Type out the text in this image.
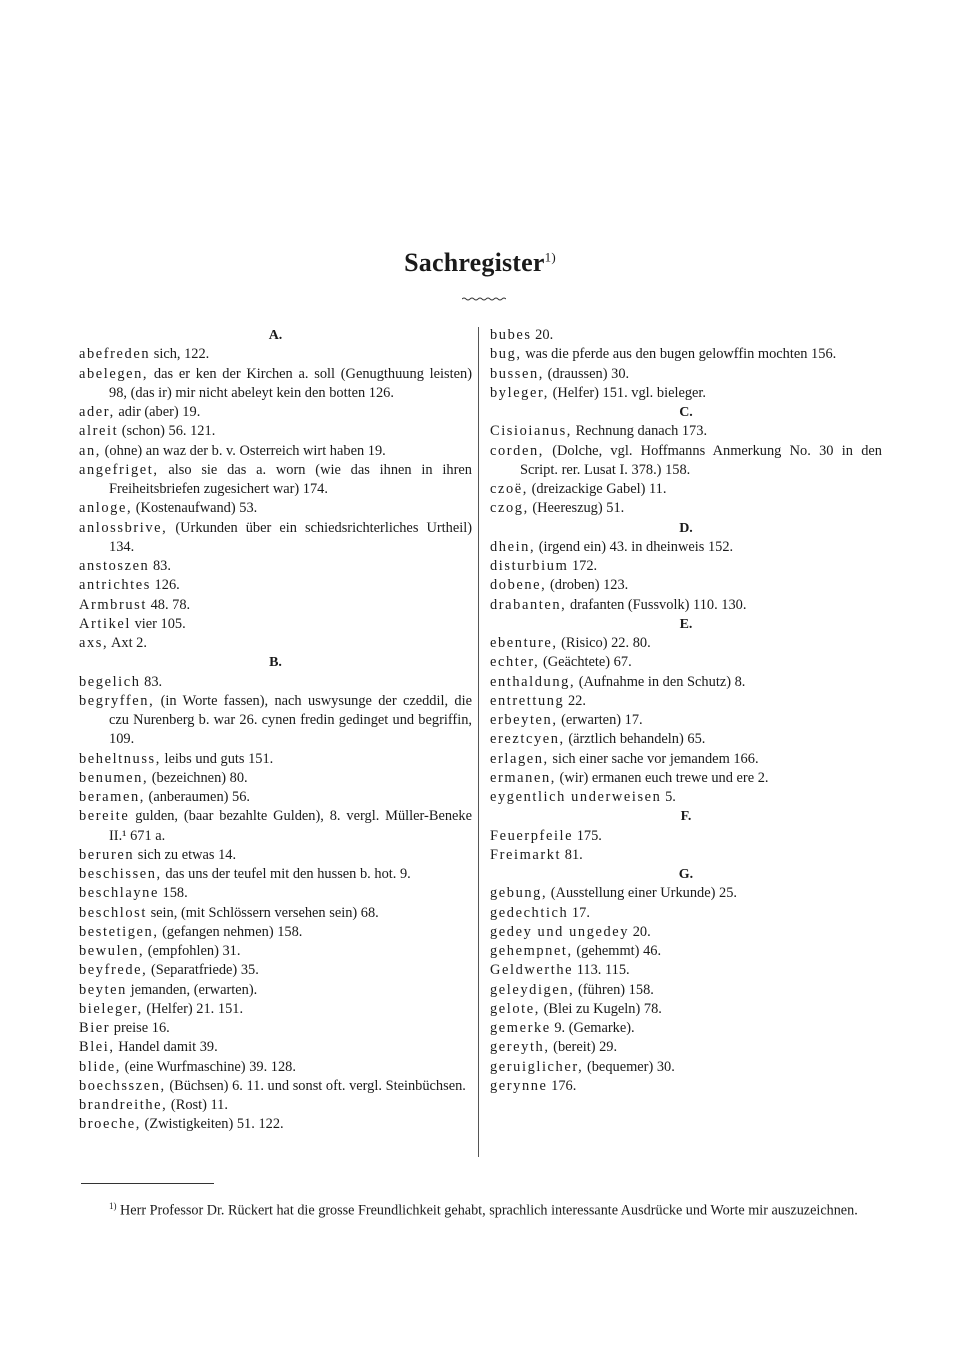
Sachregister$^{1)}$
A.
abefreden sich, 122.
abelegen, das er ken der Kirchen a. soll (Genugthuung leisten) 98, (das ir) mir nicht abeleyt kein den botten 126.
ader, adir (aber) 19.
alreit (schon) 56. 121.
an, (ohne) an waz der b. v. Osterreich wirt haben 19.
angefriget, also sie das a. worn (wie das ihnen in ihren Freiheitsbriefen zugesichert war) 174.
anloge, (Kostenaufwand) 53.
anlossbrive, (Urkunden über ein schiedsrichterliches Urtheil) 134.
anstoszen 83.
antrichtes 126.
Armbrust 48. 78.
Artikel vier 105.
axs, Axt 2.
B.
begelich 83.
begryffen, (in Worte fassen), nach uswysunge der czeddil, die czu Nurenberg b. war 26. cynen fredin gedinget und begriffin, 109.
beheltnuss, leibs und guts 151.
benumen, (bezeichnen) 80.
beramen, (anberaumen) 56.
bereite gulden, (baar bezahlte Gulden), 8. vergl. Müller-Beneke II.¹ 671 a.
beruren sich zu etwas 14.
beschissen, das uns der teufel mit den hussen b. hot. 9.
beschlayne 158.
beschlost sein, (mit Schlössern versehen sein) 68.
bestetigen, (gefangen nehmen) 158.
bewulen, (empfohlen) 31.
beyfrede, (Separatfriede) 35.
beyten jemanden, (erwarten).
bieleger, (Helfer) 21. 151.
Bier preise 16.
Blei, Handel damit 39.
blide, (eine Wurfmaschine) 39. 128.
boechsszen, (Büchsen) 6. 11. und sonst oft. vergl. Steinbüchsen.
brandreithe, (Rost) 11.
broeche, (Zwistigkeiten) 51. 122.
bubes 20.
bug, was die pferde aus den bugen gelowffin mochten 156.
bussen, (draussen) 30.
byleger, (Helfer) 151. vgl. bieleger.
C.
Cisioianus, Rechnung danach 173.
corden, (Dolche, vgl. Hoffmanns Anmerkung No. 30 in den Script. rer. Lusat I. 378.) 158.
czoë, (dreizackige Gabel) 11.
czog, (Heereszug) 51.
D.
dhein, (irgend ein) 43. in dheinweis 152.
disturbium 172.
dobene, (droben) 123.
drabanten, drafanten (Fussvolk) 110. 130.
E.
ebenture, (Risico) 22. 80.
echter, (Geächtete) 67.
enthaldung, (Aufnahme in den Schutz) 8.
entrettung 22.
erbeyten, (erwarten) 17.
ereztcyen, (ärztlich behandeln) 65.
erlagen, sich einer sache vor jemandem 166.
ermanen, (wir) ermanen euch trewe und ere 2.
eygentlich underweisen 5.
F.
Feuerpfeile 175.
Freimarkt 81.
G.
gebung, (Ausstellung einer Urkunde) 25.
gedechtich 17.
gedey und ungedey 20.
gehempnet, (gehemmt) 46.
Geldwerthe 113. 115.
geleydigen, (führen) 158.
gelote, (Blei zu Kugeln) 78.
gemerke 9. (Gemarke).
gereyth, (bereit) 29.
geruiglicher, (bequemer) 30.
gerynne 176.
$^{1)}$ Herr Professor Dr. Rückert hat die grosse Freundlichkeit gehabt, sprachlich interessante Ausdrücke und Worte mir auszuzeichnen.
